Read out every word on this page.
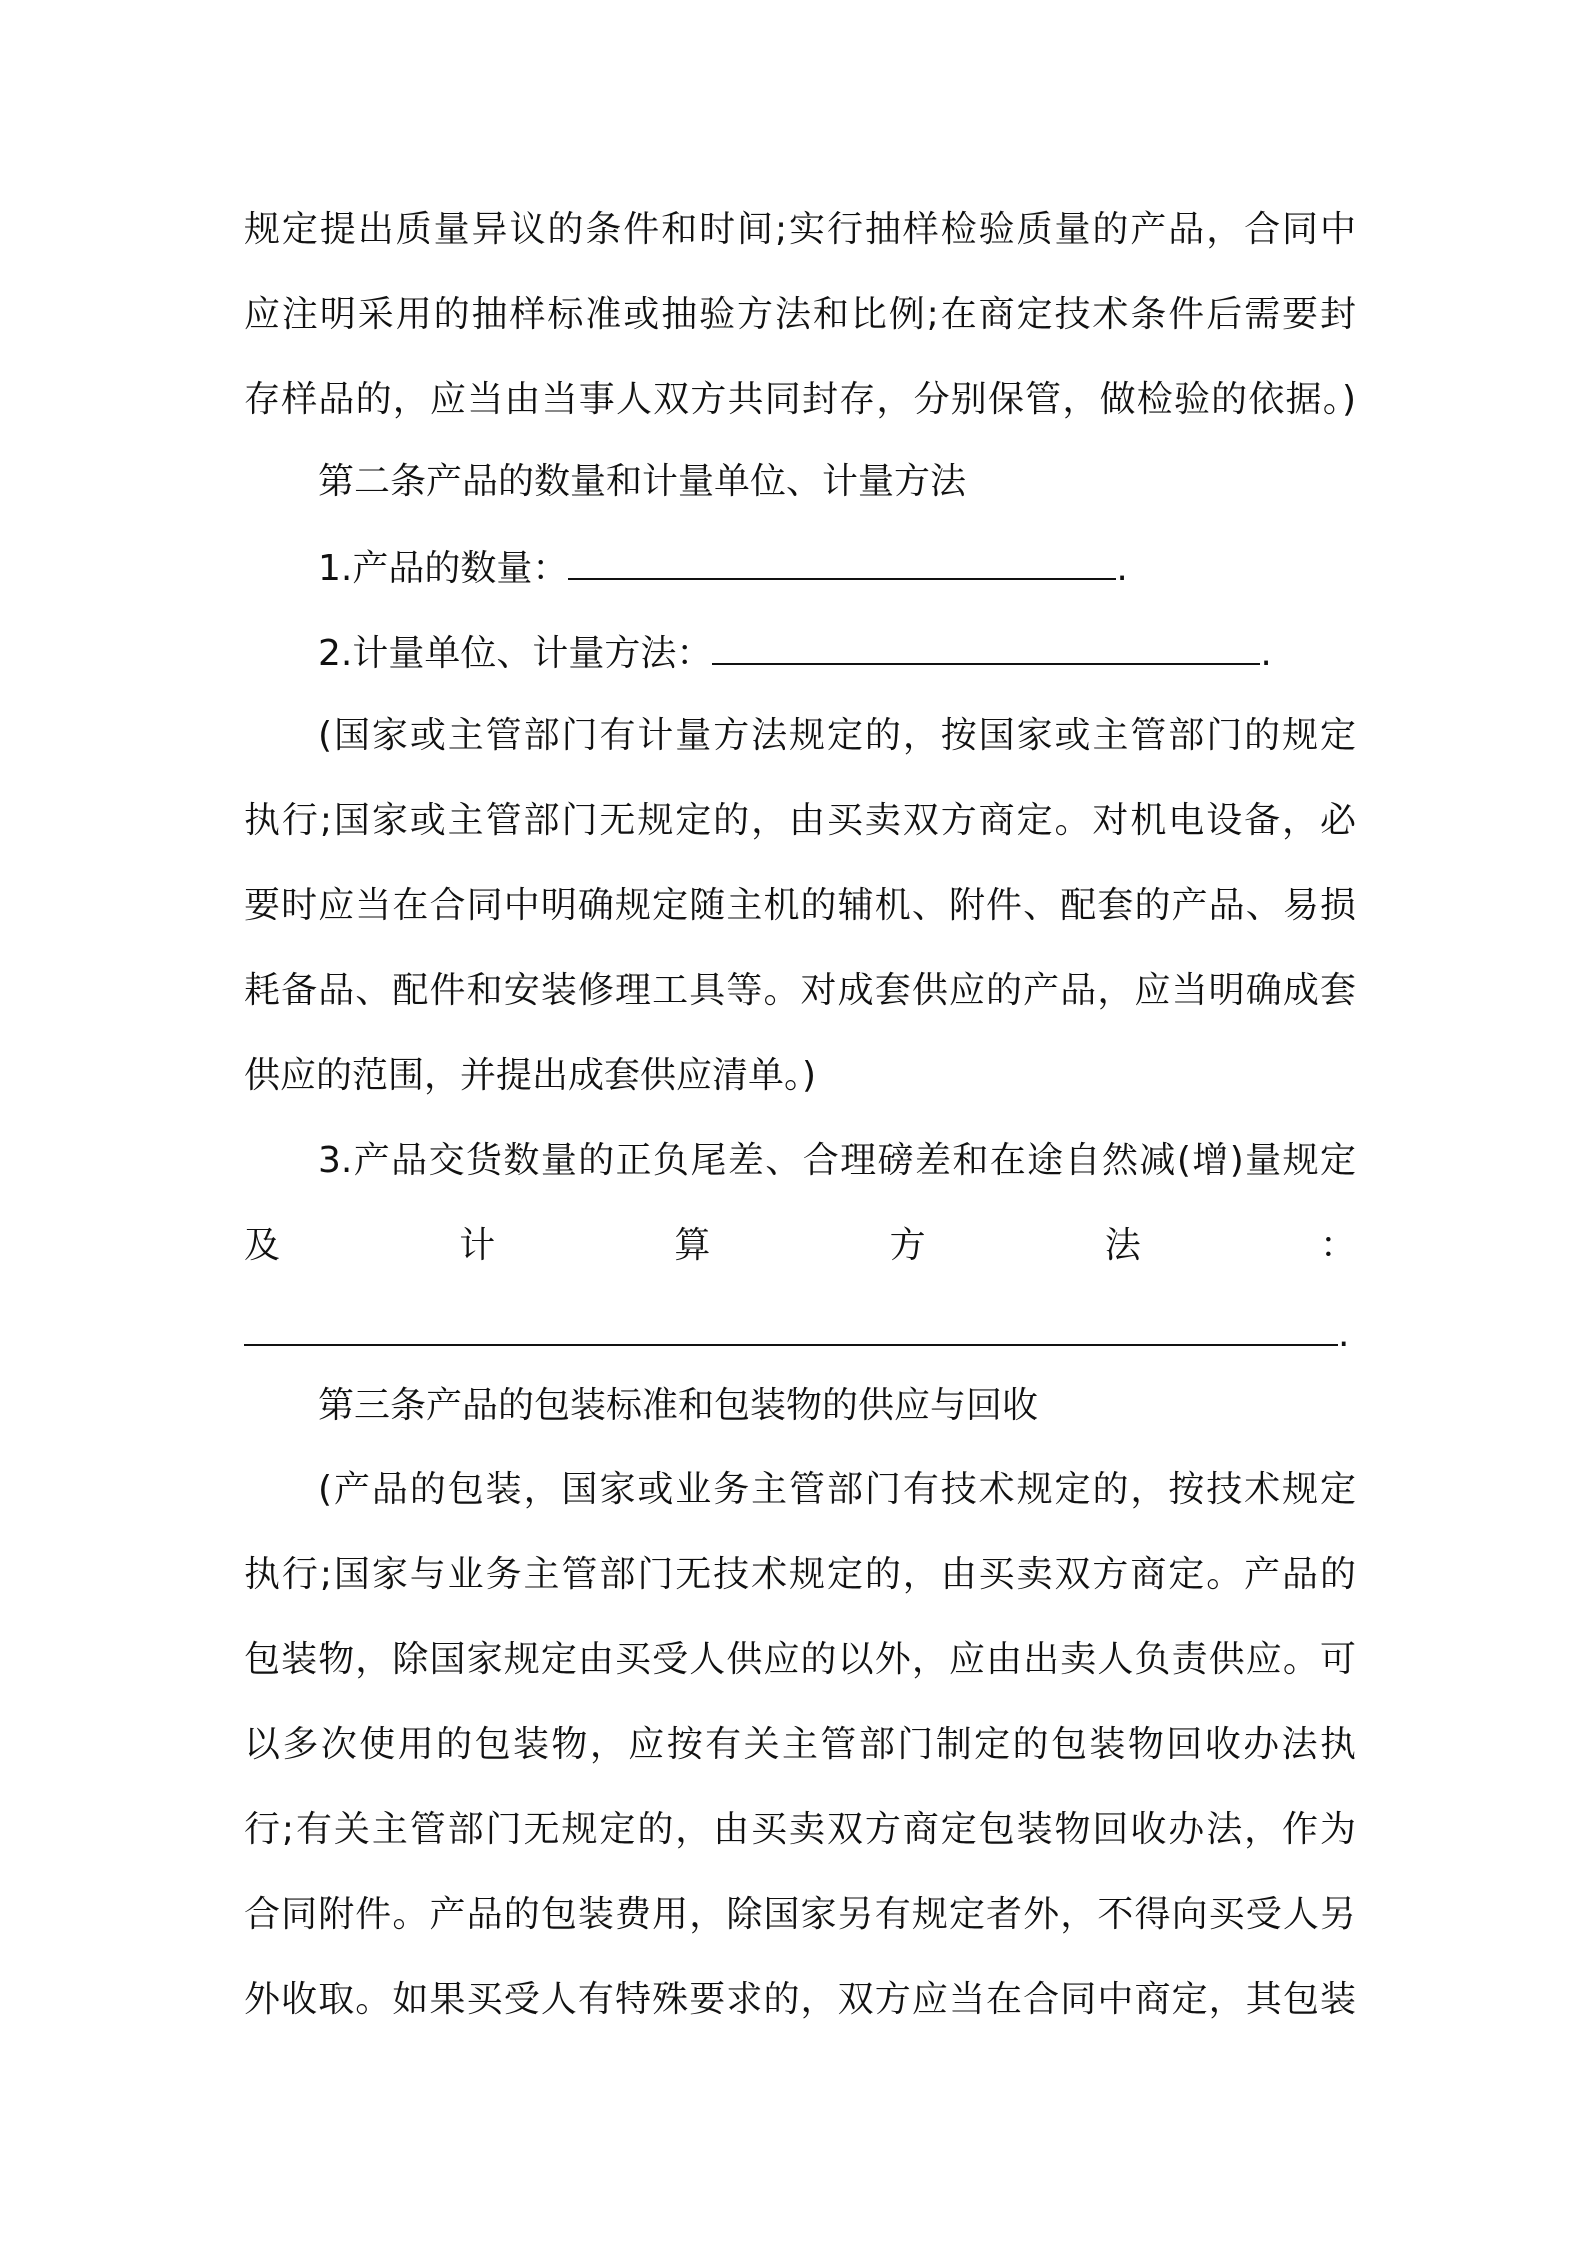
规定提出质量异议的条件和时间;实行抽样检验质量的产品，合同中
应注明采用的抽样标准或抽验方法和比例;在商定技术条件后需要封
存样品的，应当由当事人双方共同封存，分别保管，做检验的依据。)
第二条产品的数量和计量单位、计量方法
1.产品的数量：	.
2.计量单位、计量方法：	.
(国家或主管部门有计量方法规定的，按国家或主管部门的规定
执行;国家或主管部门无规定的，由买卖双方商定。对机电设备，必
要时应当在合同中明确规定随主机的辅机、附件、配套的产品、易损
耗备品、配件和安装修理工具等。对成套供应的产品，应当明确成套
供应的范围，并提出成套供应清单。)
3.产品交货数量的正负尾差、合理磅差和在途自然减(增)量规定
及	计	算	方	法	：
.
第三条产品的包装标准和包装物的供应与回收
(产品的包装，国家或业务主管部门有技术规定的，按技术规定
执行;国家与业务主管部门无技术规定的，由买卖双方商定。产品的
包装物，除国家规定由买受人供应的以外，应由出卖人负责供应。可
以多次使用的包装物，应按有关主管部门制定的包装物回收办法执
行;有关主管部门无规定的，由买卖双方商定包装物回收办法，作为
合同附件。产品的包装费用，除国家另有规定者外，不得向买受人另
外收取。如果买受人有特殊要求的，双方应当在合同中商定，其包装
